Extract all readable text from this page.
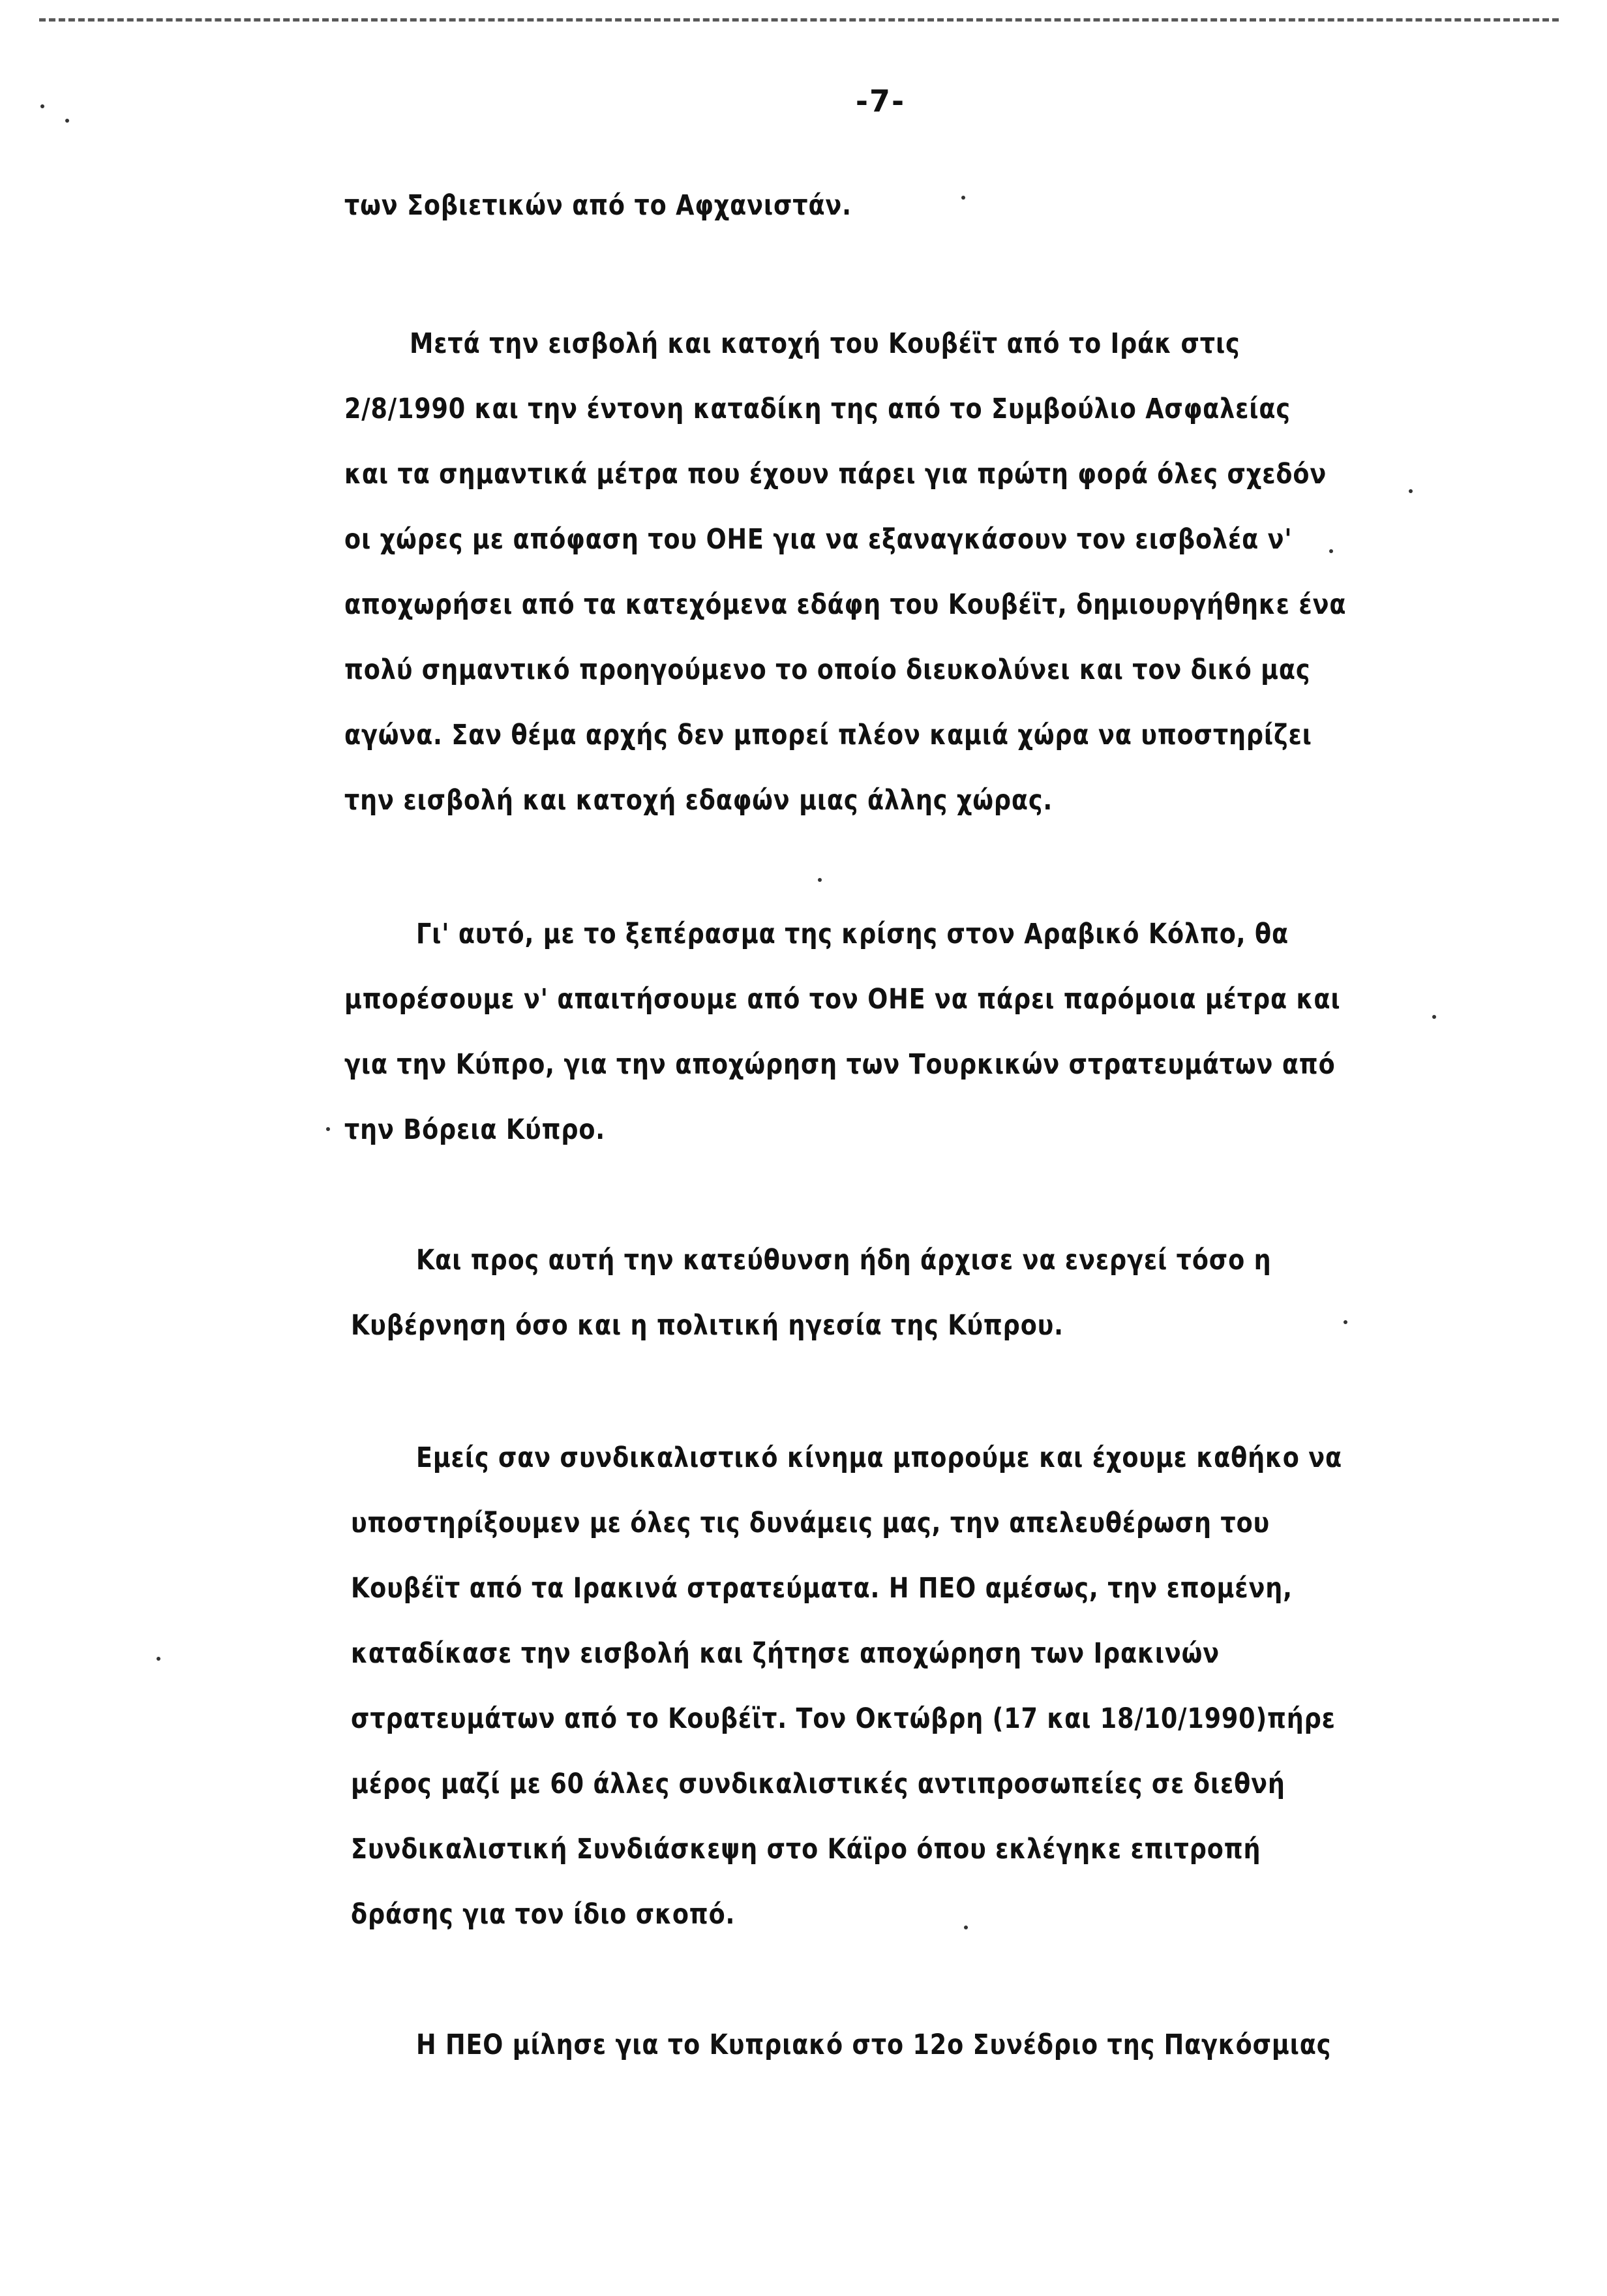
-7-
των Σοβιετικών από το Αφχανιστάν.
Μετά την εισβολή και κατοχή του Κουβέϊτ από το Ιράκ στις
2/8/1990 και την έντονη καταδίκη της από το Συμβούλιο Ασφαλείας
και τα σημαντικά μέτρα που έχουν πάρει για πρώτη φορά όλες σχεδόν
οι χώρες με απόφαση του ΟΗΕ για να εξαναγκάσουν τον εισβολέα ν'
αποχωρήσει από τα κατεχόμενα εδάφη του Κουβέϊτ, δημιουργήθηκε ένα
πολύ σημαντικό προηγούμενο το οποίο διευκολύνει και τον δικό μας
αγώνα. Σαν θέμα αρχής δεν μπορεί πλέον καμιά χώρα να υποστηρίζει
την εισβολή και κατοχή εδαφών μιας άλλης χώρας.
Γι' αυτό, με το ξεπέρασμα της κρίσης στον Αραβικό Κόλπο, θα
μπορέσουμε ν' απαιτήσουμε από τον ΟΗΕ να πάρει παρόμοια μέτρα και
για την Κύπρο, για την αποχώρηση των Τουρκικών στρατευμάτων από
την Βόρεια Κύπρο.
Και προς αυτή την κατεύθυνση ήδη άρχισε να ενεργεί τόσο η
Κυβέρνηση όσο και η πολιτική ηγεσία της Κύπρου.
Εμείς σαν συνδικαλιστικό κίνημα μπορούμε και έχουμε καθήκο να
υποστηρίξουμεν με όλες τις δυνάμεις μας, την απελευθέρωση του
Κουβέϊτ από τα Ιρακινά στρατεύματα. Η ΠΕΟ αμέσως, την επομένη,
καταδίκασε την εισβολή και ζήτησε αποχώρηση των Ιρακινών
στρατευμάτων από το Κουβέϊτ. Τον Οκτώβρη (17 και 18/10/1990)πήρε
μέρος μαζί με 60 άλλες συνδικαλιστικές αντιπροσωπείες σε διεθνή
Συνδικαλιστική Συνδιάσκεψη στο Κάϊρο όπου εκλέγηκε επιτροπή
δράσης για τον ίδιο σκοπό.
Η ΠΕΟ μίλησε για το Κυπριακό στο 12ο Συνέδριο της Παγκόσμιας
